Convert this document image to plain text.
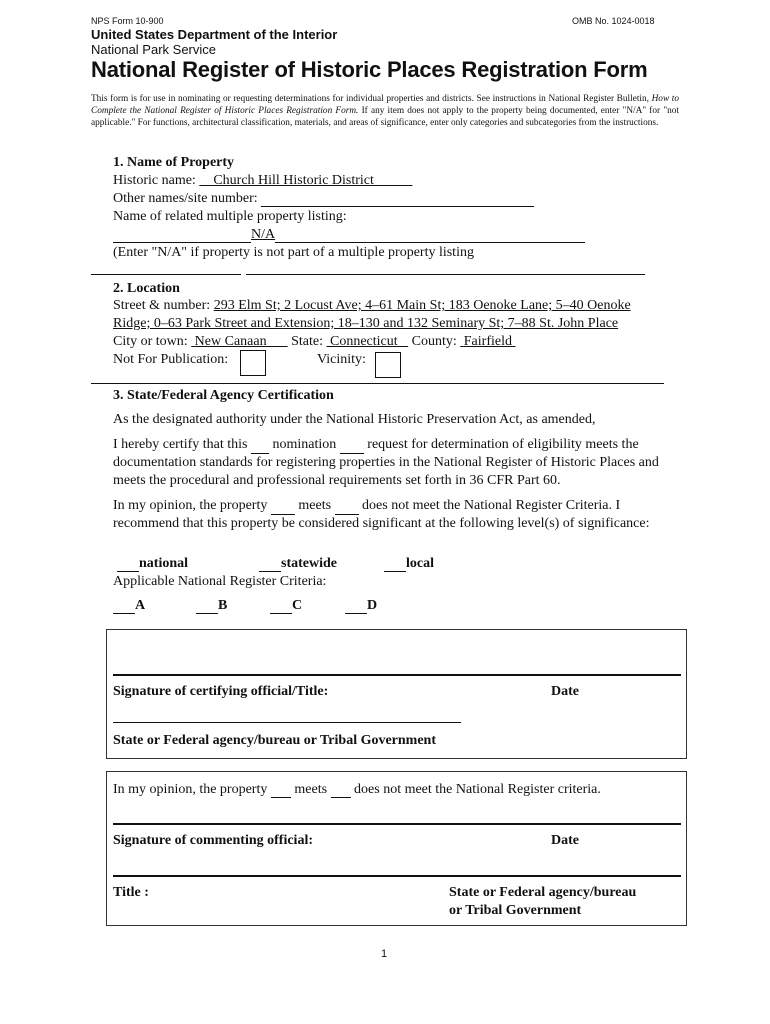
NPS Form 10-900	OMB No. 1024-0018
United States Department of the Interior
National Park Service
National Register of Historic Places Registration Form
This form is for use in nominating or requesting determinations for individual properties and districts. See instructions in National Register Bulletin, How to Complete the National Register of Historic Places Registration Form. If any item does not apply to the property being documented, enter "N/A" for "not applicable." For functions, architectural classification, materials, and areas of significance, enter only categories and subcategories from the instructions.
1. Name of Property
Historic name: Church Hill Historic District
Other names/site number:
Name of related multiple property listing:
N/A
(Enter "N/A" if property is not part of a multiple property listing
2. Location
Street & number: 293 Elm St; 2 Locust Ave; 4–61 Main St; 183 Oenoke Lane; 5–40 Oenoke
Ridge; 0–63 Park Street and Extension; 18–130 and 132 Seminary St; 7–88 St. John Place
City or town: New Canaan State: Connecticut County: Fairfield
Not For Publication:	Vicinity:
3. State/Federal Agency Certification
As the designated authority under the National Historic Preservation Act, as amended,
I hereby certify that this nomination request for determination of eligibility meets the documentation standards for registering properties in the National Register of Historic Places and meets the procedural and professional requirements set forth in 36 CFR Part 60.
In my opinion, the property meets does not meet the National Register Criteria. I recommend that this property be considered significant at the following level(s) of significance:
national	statewide	local
Applicable National Register Criteria:
A	B	C	D
Signature of certifying official/Title:	Date
State or Federal agency/bureau or Tribal Government
In my opinion, the property meets does not meet the National Register criteria.
Signature of commenting official:	Date
Title :	State or Federal agency/bureau
or Tribal Government
1
